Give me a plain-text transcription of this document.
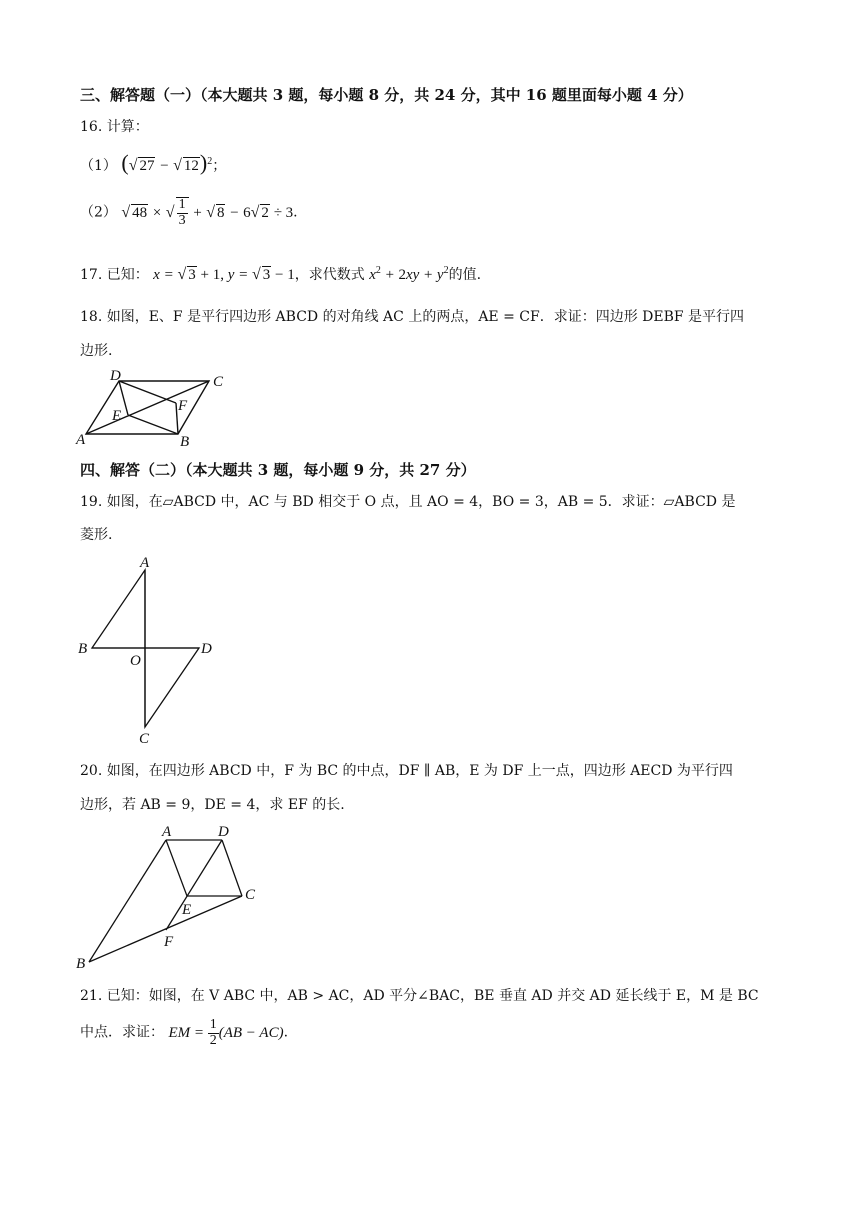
三、解答题（一）（本大题共 3 题，每小题 8 分，共 24 分，其中 16 题里面每小题 4 分）
16. 计算：
（1） (√ 27 − √ 12)$^2$；
（2） √ 48 × √ $\frac{1}{3}$ + √ 8 − 6√ 2 ÷ 3.
17. 已知： x = √ 3 + 1, y = √ 3 − 1，求代数式 $x^2 + 2xy + y^2$的值.
18. 如图，E、F 是平行四边形 ABCD 的对角线 AC 上的两点，AE = CF．求证：四边形 DEBF 是平行四
边形.
D	C
E
F
A	B
四、解答（二）（本大题共 3 题，每小题 9 分，共 27 分）
19. 如图，在▱ABCD 中，AC 与 BD 相交于 O 点，且 AO = 4，BO = 3，AB = 5．求证：▱ABCD 是
菱形.
A
B
O
D
C
20. 如图，在四边形 ABCD 中，F 为 BC 的中点，DF ∥ AB，E 为 DF 上一点，四边形 AECD 为平行四
边形，若 AB = 9，DE = 4，求 EF 的长.
A	D
C
E
F
B
21. 已知：如图，在 V ABC 中，AB > AC，AD 平分∠BAC，BE 垂直 AD 并交 AD 延长线于 E，M 是 BC
中点．求证： EM = $\frac{1}{2} (AB - AC)$.
